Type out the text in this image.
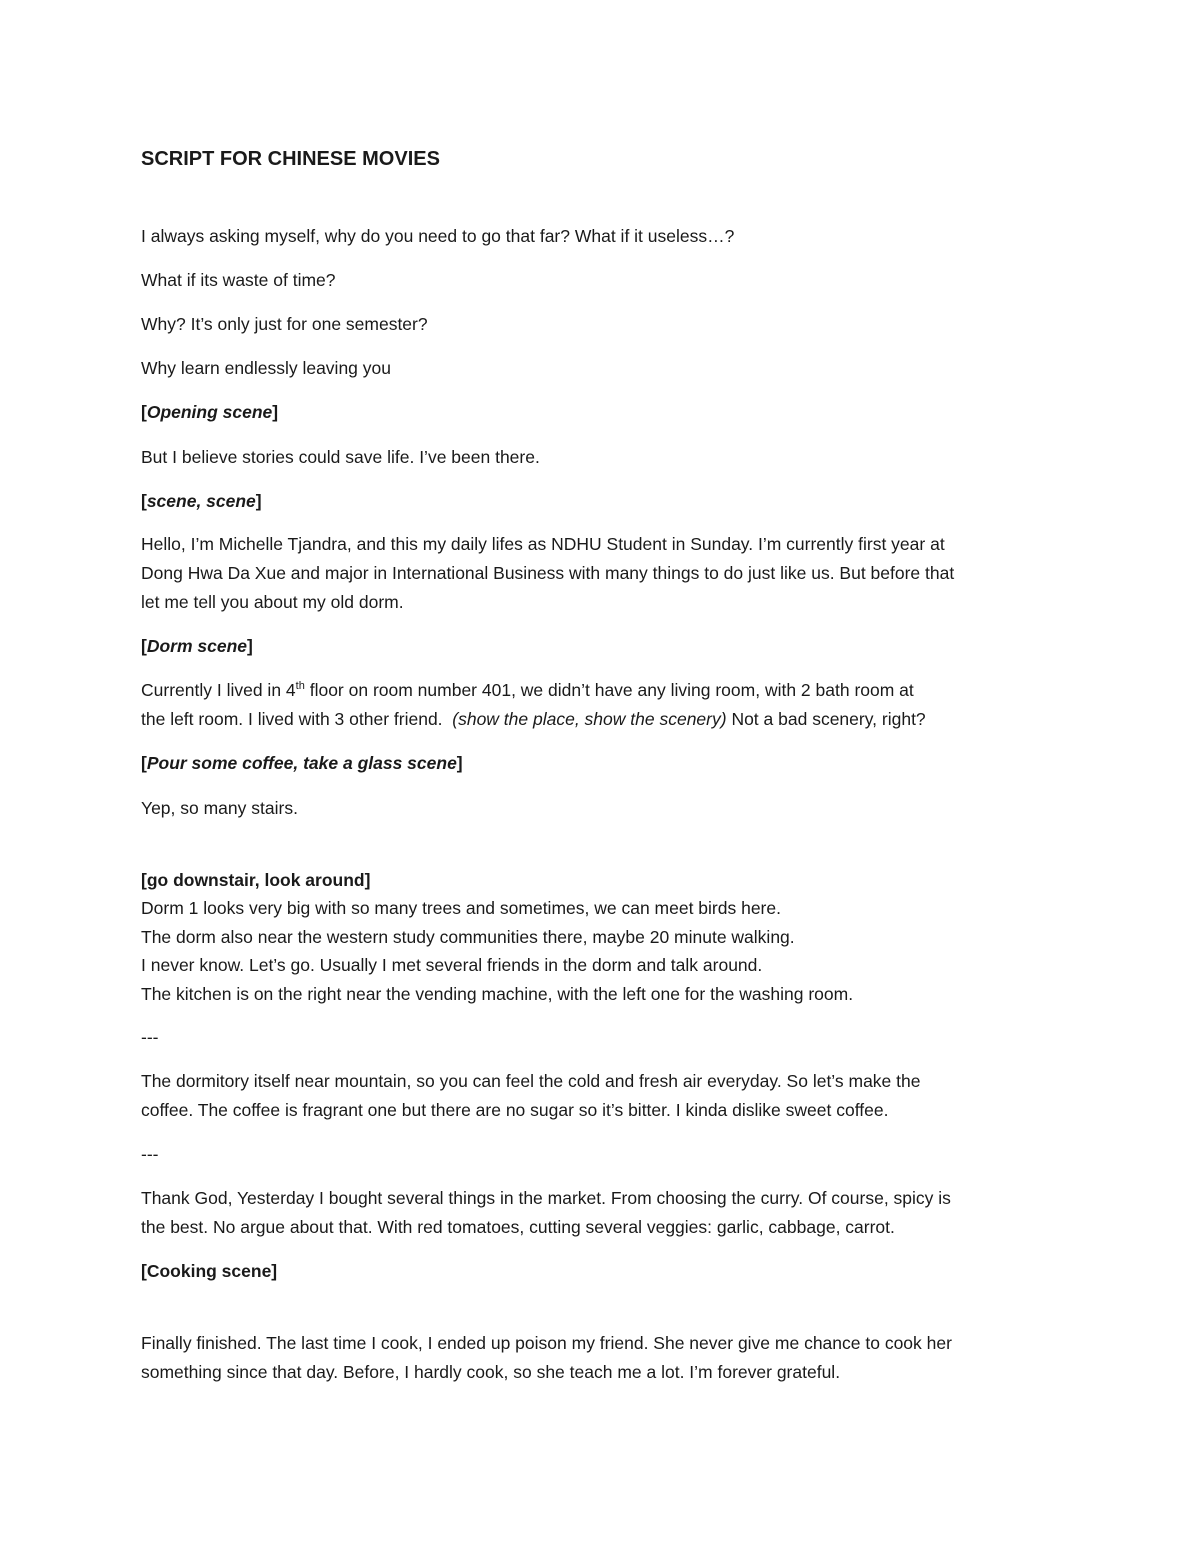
SCRIPT FOR CHINESE MOVIES
I always asking myself, why do you need to go that far? What if it useless…?
What if its waste of time?
Why? It’s only just for one semester?
Why learn endlessly leaving you
[Opening scene]
But I believe stories could save life. I’ve been there.
[scene, scene]
Hello, I’m Michelle Tjandra, and this my daily lifes as NDHU Student in Sunday. I’m currently first year at
Dong Hwa Da Xue and major in International Business with many things to do just like us. But before that
let me tell you about my old dorm.
[Dorm scene]
Currently I lived in 4th floor on room number 401, we didn’t have any living room, with 2 bath room at
the left room. I lived with 3 other friend.  (show the place, show the scenery) Not a bad scenery, right?
[Pour some coffee, take a glass scene]
Yep, so many stairs.
[go downstair, look around]
Dorm 1 looks very big with so many trees and sometimes, we can meet birds here.
The dorm also near the western study communities there, maybe 20 minute walking.
I never know. Let’s go. Usually I met several friends in the dorm and talk around.
The kitchen is on the right near the vending machine, with the left one for the washing room.
---
The dormitory itself near mountain, so you can feel the cold and fresh air everyday. So let’s make the
coffee. The coffee is fragrant one but there are no sugar so it’s bitter. I kinda dislike sweet coffee.
---
Thank God, Yesterday I bought several things in the market. From choosing the curry. Of course, spicy is
the best. No argue about that. With red tomatoes, cutting several veggies: garlic, cabbage, carrot.
[Cooking scene]
Finally finished. The last time I cook, I ended up poison my friend. She never give me chance to cook her
something since that day. Before, I hardly cook, so she teach me a lot. I’m forever grateful.
